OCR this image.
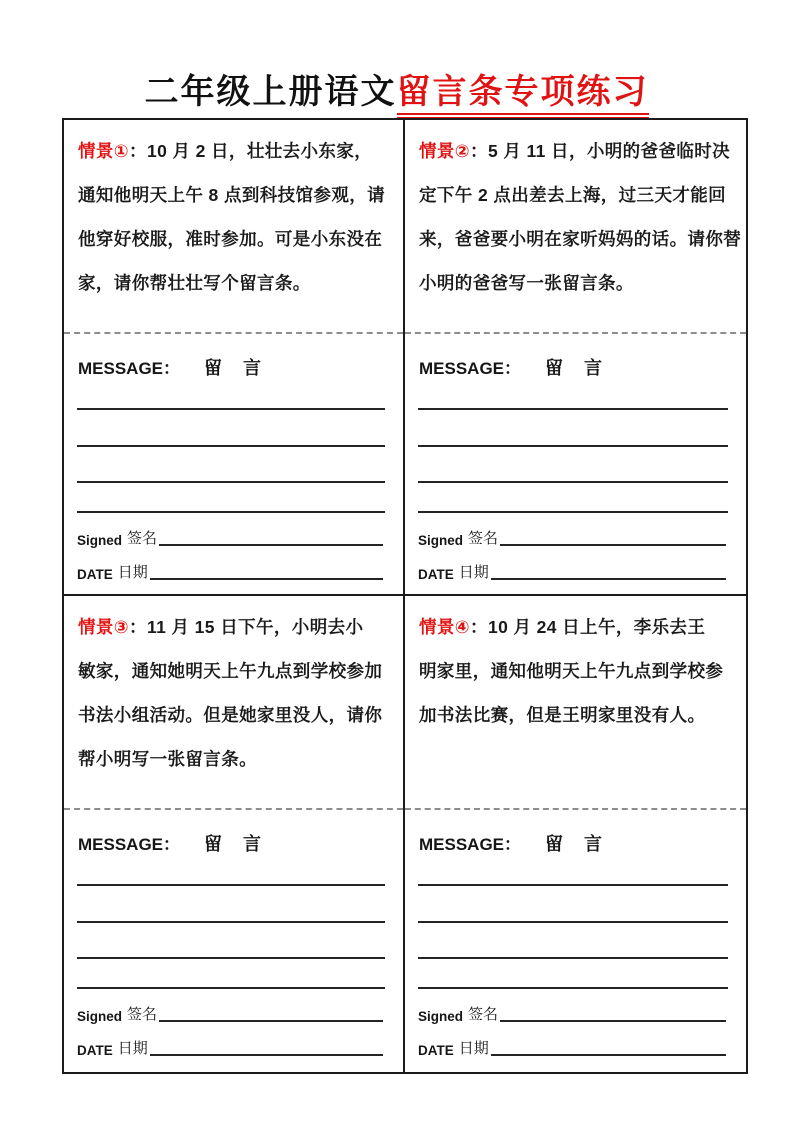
二年级上册语文留言条专项练习
情景①：10 月 2 日，壮壮去小东家，
通知他明天上午 8 点到科技馆参观，请
他穿好校服，准时参加。可是小东没在
家，请你帮壮壮写个留言条。
MESSAGE： 留 言
Signed 签名
DATE 日期
情景②：5 月 11 日，小明的爸爸临时决
定下午 2 点出差去上海，过三天才能回
来，爸爸要小明在家听妈妈的话。请你替
小明的爸爸写一张留言条。
MESSAGE： 留 言
Signed 签名
DATE 日期
情景③：11 月 15 日下午，小明去小
敏家，通知她明天上午九点到学校参加
书法小组活动。但是她家里没人，请你
帮小明写一张留言条。
MESSAGE： 留 言
Signed 签名
DATE 日期
情景④：10 月 24 日上午，李乐去王
明家里，通知他明天上午九点到学校参
加书法比赛，但是王明家里没有人。
MESSAGE： 留 言
Signed 签名
DATE 日期
